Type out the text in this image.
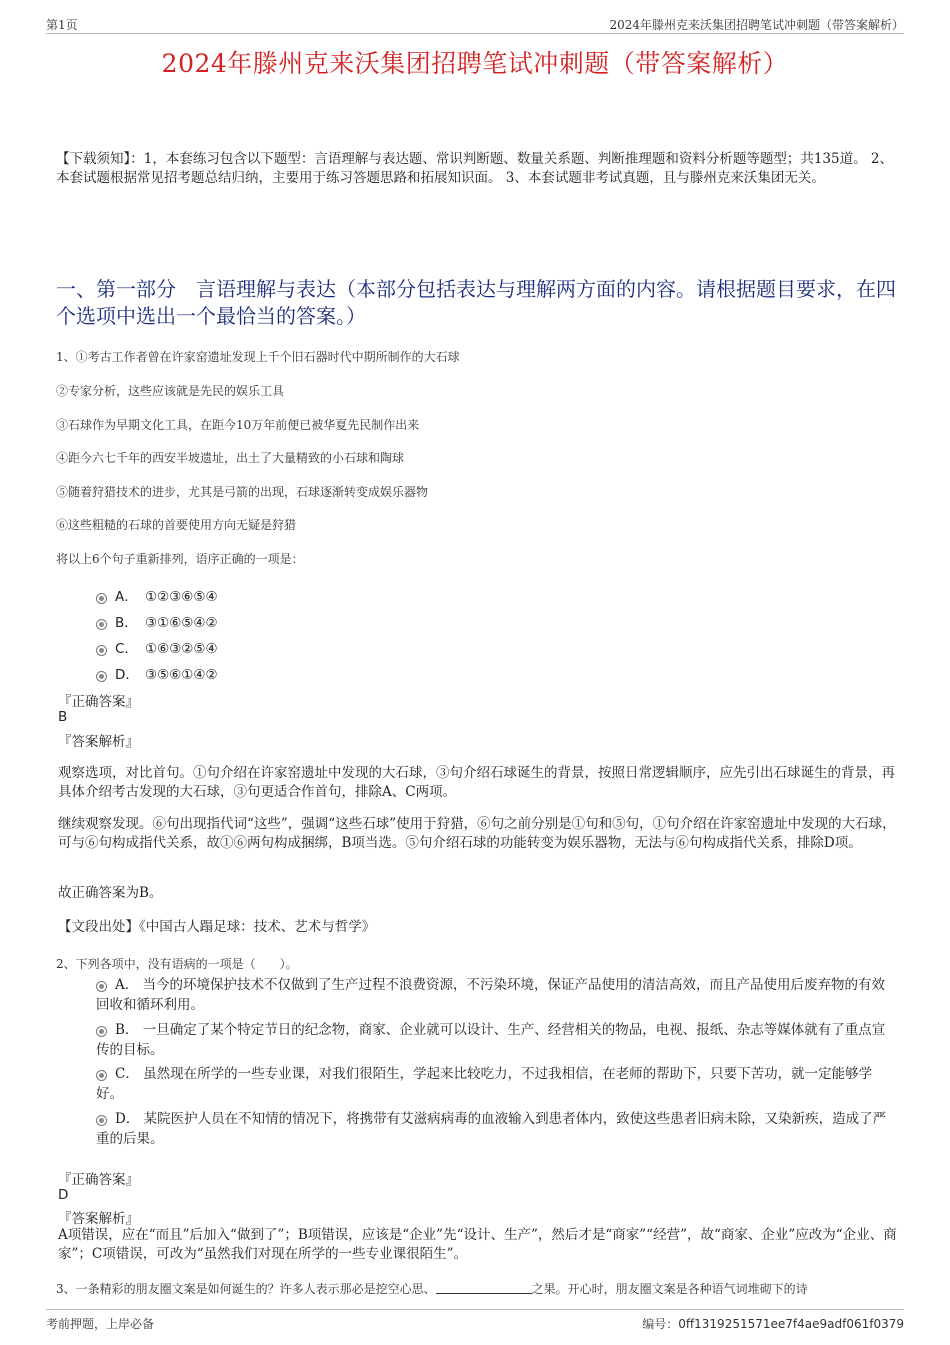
第1页	2024年滕州克来沃集团招聘笔试冲刺题（带答案解析）
2024年滕州克来沃集团招聘笔试冲刺题（带答案解析）
【下载须知】：1，本套练习包含以下题型：言语理解与表达题、常识判断题、数量关系题、判断推理题和资料分析题等题型；共135道。 2、本套试题根据常见招考题总结归纳，主要用于练习答题思路和拓展知识面。 3、本套试题非考试真题，且与滕州克来沃集团无关。
一、第一部分　言语理解与表达（本部分包括表达与理解两方面的内容。请根据题目要求，在四个选项中选出一个最恰当的答案。）
1、①考古工作者曾在许家窑遗址发现上千个旧石器时代中期所制作的大石球
②专家分析，这些应该就是先民的娱乐工具
③石球作为早期文化工具，在距今10万年前便已被华夏先民制作出来
④距今六七千年的西安半坡遗址，出土了大量精致的小石球和陶球
⑤随着狩猎技术的进步，尤其是弓箭的出现，石球逐渐转变成娱乐器物
⑥这些粗糙的石球的首要使用方向无疑是狩猎
将以上6个句子重新排列，语序正确的一项是：
A． ①②③⑥⑤④
B． ③①⑥⑤④②
C． ①⑥③②⑤④
D． ③⑤⑥①④②
『正确答案』
B
『答案解析』
观察选项，对比首句。①句介绍在许家窑遗址中发现的大石球，③句介绍石球诞生的背景，按照日常逻辑顺序，应先引出石球诞生的背景，再具体介绍考古发现的大石球，③句更适合作首句，排除A、C两项。
继续观察发现。⑥句出现指代词“这些”，强调“这些石球”使用于狩猎，⑥句之前分别是①句和⑤句，①句介绍在许家窑遗址中发现的大石球，可与⑥句构成指代关系，故①⑥两句构成捆绑，B项当选。⑤句介绍石球的功能转变为娱乐器物，无法与⑥句构成指代关系，排除D项。
故正确答案为B。
【文段出处】《中国古人蹋足球：技术、艺术与哲学》
2、下列各项中，没有语病的一项是（　　）。
A． 当今的环境保护技术不仅做到了生产过程不浪费资源，不污染环境，保证产品使用的清洁高效，而且产品使用后废弃物的有效回收和循环利用。
B． 一旦确定了某个特定节日的纪念物，商家、企业就可以设计、生产、经营相关的物品，电视、报纸、杂志等媒体就有了重点宣传的目标。
C． 虽然现在所学的一些专业课，对我们很陌生，学起来比较吃力，不过我相信，在老师的帮助下，只要下苦功，就一定能够学好。
D． 某院医护人员在不知情的情况下，将携带有艾滋病病毒的血液输入到患者体内，致使这些患者旧病未除，又染新疾，造成了严重的后果。
『正确答案』
D
『答案解析』
A项错误，应在“而且”后加入“做到了”；B项错误，应该是“企业”先“设计、生产”，然后才是“商家”“经营”，故“商家、企业”应改为“企业、商家”；C项错误，可改为“虽然我们对现在所学的一些专业课很陌生”。
3、一条精彩的朋友圈文案是如何诞生的？许多人表示那必是挖空心思、	之果。开心时，朋友圈文案是各种语气词堆砌下的诗
考前押题，上岸必备	编号：0ff1319251571ee7f4ae9adf061f0379
